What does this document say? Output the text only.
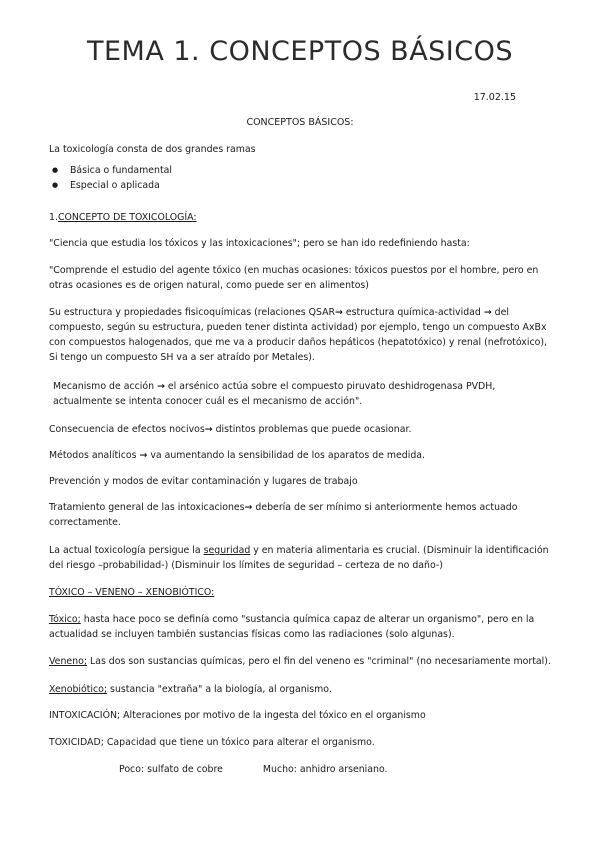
TEMA 1. CONCEPTOS BÁSICOS
17.02.15
CONCEPTOS BÁSICOS:
La toxicología consta de dos grandes ramas
● Básica o fundamental
● Especial o aplicada
1.CONCEPTO DE TOXICOLOGÍA:
"Ciencia que estudia los tóxicos y las intoxicaciones"; pero se han ido redefiniendo hasta:
"Comprende el estudio del agente tóxico (en muchas ocasiones: tóxicos puestos por el hombre, pero en otras ocasiones es de origen natural, como puede ser en alimentos)
Su estructura y propiedades fisicoquímicas (relaciones QSAR→ estructura química-actividad → del compuesto, según su estructura, pueden tener distinta actividad) por ejemplo, tengo un compuesto AxBx con compuestos halogenados, que me va a producir daños hepáticos (hepatotóxico) y renal (nefrotóxico), Si tengo un compuesto SH va a ser atraído por Metales).
Mecanismo de acción → el arsénico actúa sobre el compuesto piruvato deshidrogenasa PVDH, actualmente se intenta conocer cuál es el mecanismo de acción".
Consecuencia de efectos nocivos→ distintos problemas que puede ocasionar.
Métodos analíticos → va aumentando la sensibilidad de los aparatos de medida.
Prevención y modos de evitar contaminación y lugares de trabajo
Tratamiento general de las intoxicaciones→ debería de ser mínimo si anteriormente hemos actuado correctamente.
La actual toxicología persigue la seguridad y en materia alimentaria es crucial. (Disminuir la identificación del riesgo –probabilidad-) (Disminuir los límites de seguridad – certeza de no daño-)
TÓXICO – VENENO – XENOBIÓTICO:
Tóxico; hasta hace poco se definía como "sustancia química capaz de alterar un organismo", pero en la actualidad se incluyen también sustancias físicas como las radiaciones (solo algunas).
Veneno; Las dos son sustancias químicas, pero el fin del veneno es "criminal" (no necesariamente mortal).
Xenobiótico; sustancia "extraña" a la biología, al organismo.
INTOXICACIÓN; Alteraciones por motivo de la ingesta del tóxico en el organismo
TOXICIDAD; Capacidad que tiene un tóxico para alterar el organismo.
Poco: sulfato de cobre	Mucho: anhidro arseniano.
